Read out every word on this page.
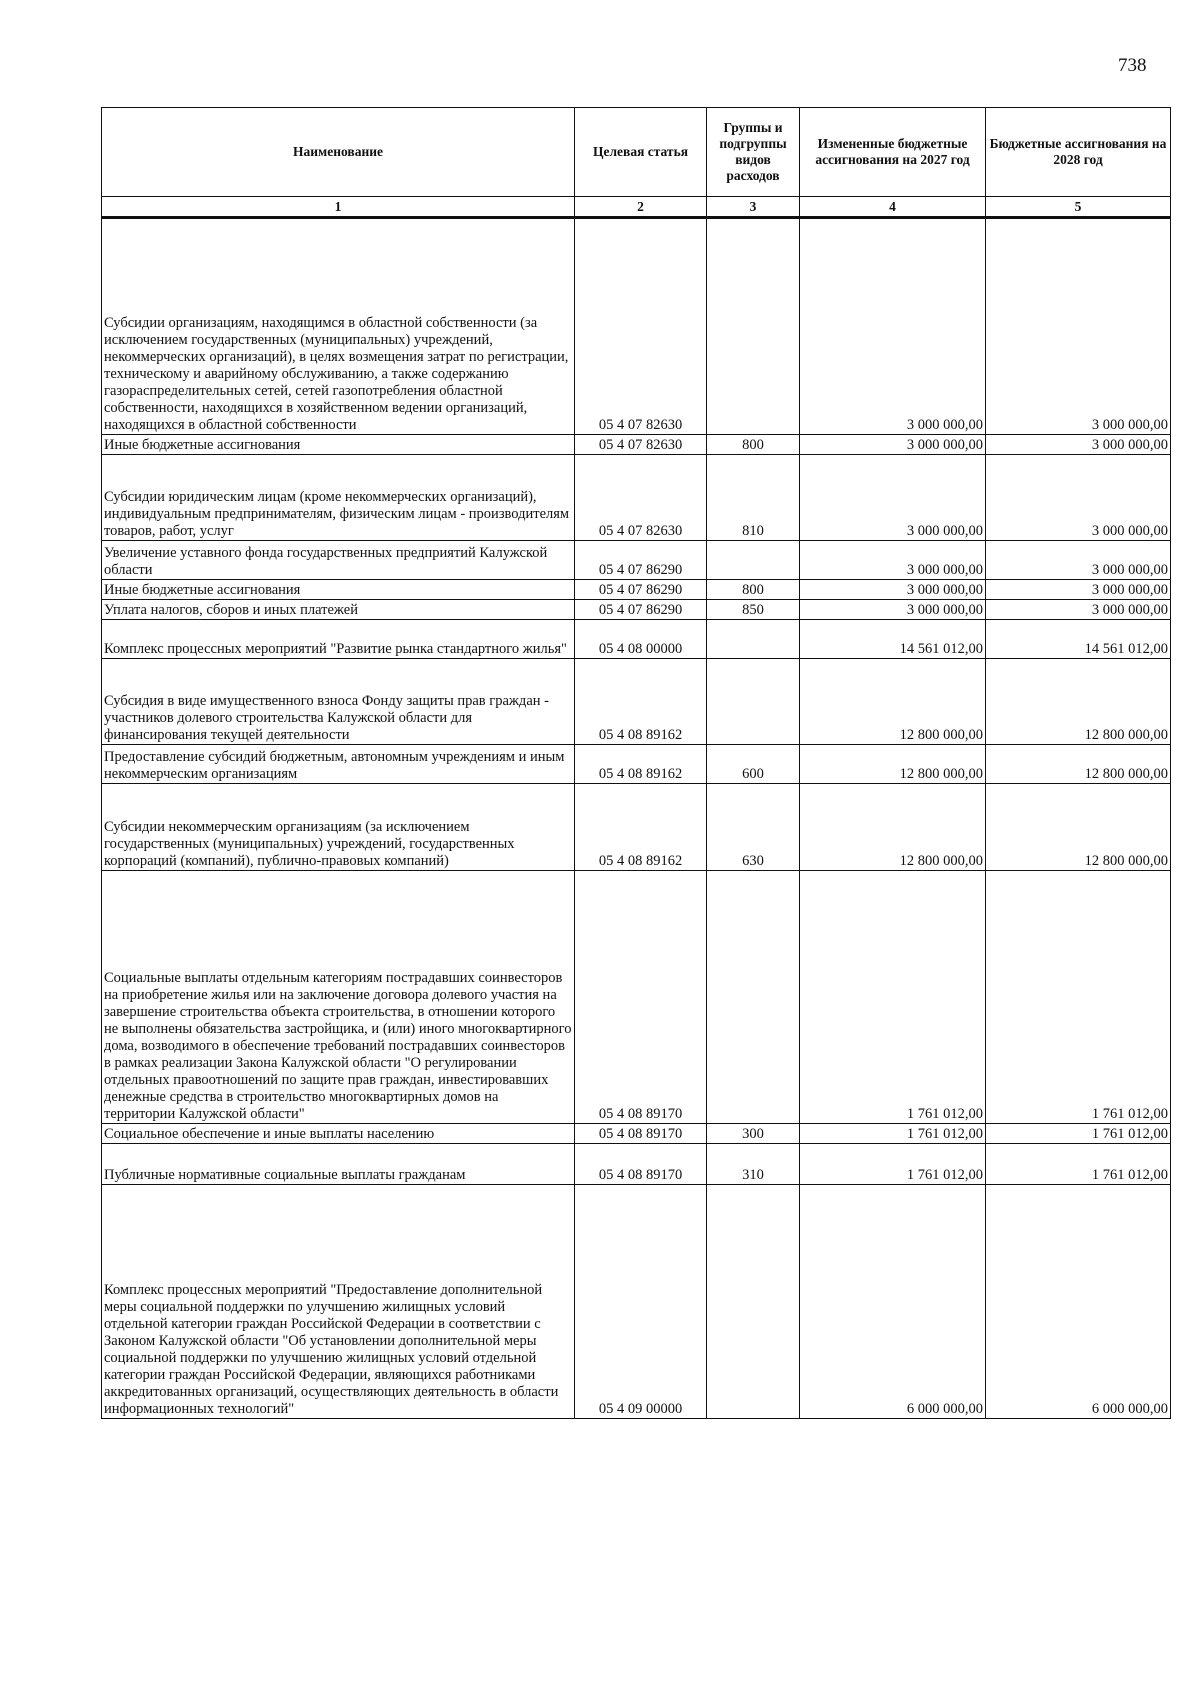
738
Наименование	Целевая статья	Группы и подгруппы видов расходов	Измененные бюджетные ассигнования на 2027 год	Бюджетные ассигнования на 2028 год
1	2	3	4	5
Субсидии организациям, находящимся в областной собственности (за исключением государственных (муниципальных) учреждений, некоммерческих организаций), в целях возмещения затрат по регистрации, техническому и аварийному обслуживанию, а также содержанию газораспределительных сетей, сетей газопотребления областной собственности, находящихся в хозяйственном ведении организаций, находящихся в областной собственности	05 4 07 82630		3 000 000,00	3 000 000,00
Иные бюджетные ассигнования	05 4 07 82630	800	3 000 000,00	3 000 000,00
Субсидии юридическим лицам (кроме некоммерческих организаций), индивидуальным предпринимателям, физическим лицам - производителям товаров, работ, услуг	05 4 07 82630	810	3 000 000,00	3 000 000,00
Увеличение уставного фонда государственных предприятий Калужской области	05 4 07 86290		3 000 000,00	3 000 000,00
Иные бюджетные ассигнования	05 4 07 86290	800	3 000 000,00	3 000 000,00
Уплата налогов, сборов и иных платежей	05 4 07 86290	850	3 000 000,00	3 000 000,00
Комплекс процессных мероприятий "Развитие рынка стандартного жилья"	05 4 08 00000		14 561 012,00	14 561 012,00
Субсидия в виде имущественного взноса Фонду защиты прав граждан - участников долевого строительства Калужской области для финансирования текущей деятельности	05 4 08 89162		12 800 000,00	12 800 000,00
Предоставление субсидий бюджетным, автономным учреждениям и иным некоммерческим организациям	05 4 08 89162	600	12 800 000,00	12 800 000,00
Субсидии некоммерческим организациям (за исключением государственных (муниципальных) учреждений, государственных корпораций (компаний), публично-правовых компаний)	05 4 08 89162	630	12 800 000,00	12 800 000,00
Социальные выплаты отдельным категориям пострадавших соинвесторов на приобретение жилья или на заключение договора долевого участия на завершение строительства объекта строительства, в отношении которого не выполнены обязательства застройщика, и (или) иного многоквартирного дома, возводимого в обеспечение требований пострадавших соинвесторов в рамках реализации Закона Калужской области "О регулировании отдельных правоотношений по защите прав граждан, инвестировавших денежные средства в строительство многоквартирных домов на территории Калужской области"	05 4 08 89170		1 761 012,00	1 761 012,00
Социальное обеспечение и иные выплаты населению	05 4 08 89170	300	1 761 012,00	1 761 012,00
Публичные нормативные социальные выплаты гражданам	05 4 08 89170	310	1 761 012,00	1 761 012,00
Комплекс процессных мероприятий "Предоставление дополнительной меры социальной поддержки по улучшению жилищных условий отдельной категории граждан Российской Федерации в соответствии с Законом Калужской области "Об установлении дополнительной меры социальной поддержки по улучшению жилищных условий отдельной категории граждан Российской Федерации, являющихся работниками аккредитованных организаций, осуществляющих деятельность в области информационных технологий"	05 4 09 00000		6 000 000,00	6 000 000,00
